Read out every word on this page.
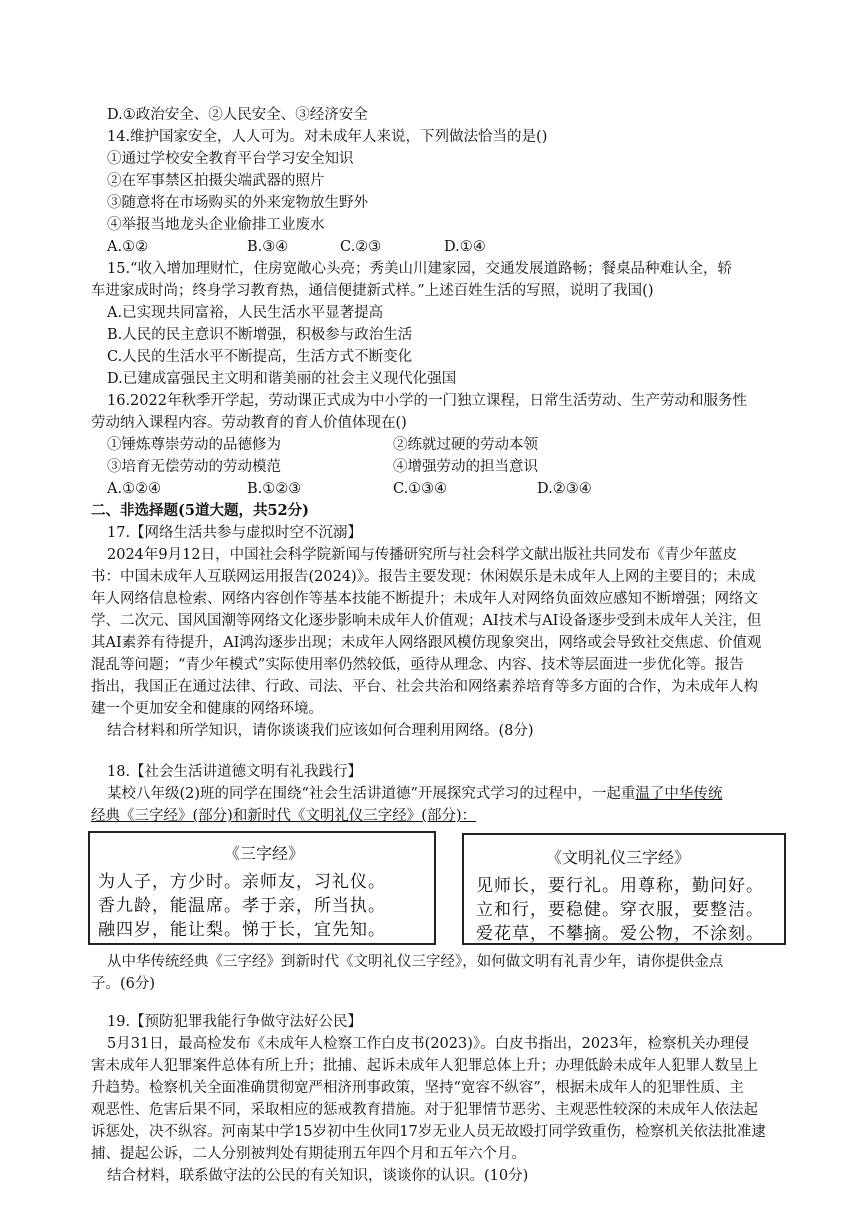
D.①政治安全、②人民安全、③经济安全
14.维护国家安全，人人可为。对未成年人来说，下列做法恰当的是()
①通过学校安全教育平台学习安全知识
②在军事禁区拍摄尖端武器的照片
③随意将在市场购买的外来宠物放生野外
④举报当地龙头企业偷排工业废水
A.①②	B.③④	C.②③	D.①④
15.“收入增加理财忙，住房宽敞心头亮；秀美山川建家园，交通发展道路畅；餐桌品种难认全，轿
车进家成时尚；终身学习教育热，通信便捷新式样。”上述百姓生活的写照，说明了我国()
A.已实现共同富裕，人民生活水平显著提高
B.人民的民主意识不断增强，积极参与政治生活
C.人民的生活水平不断提高，生活方式不断变化
D.已建成富强民主文明和谐美丽的社会主义现代化强国
16.2022年秋季开学起，劳动课正式成为中小学的一门独立课程，日常生活劳动、生产劳动和服务性
劳动纳入课程内容。劳动教育的育人价值体现在()
①锤炼尊崇劳动的品德修为	②练就过硬的劳动本领
③培育无偿劳动的劳动模范	④增强劳动的担当意识
A.①②④	B.①②③	C.①③④	D.②③④
二、非选择题(5道大题，共52分)
17.【网络生活共参与虚拟时空不沉溺】
2024年9月12日，中国社会科学院新闻与传播研究所与社会科学文献出版社共同发布《青少年蓝皮
书：中国未成年人互联网运用报告(2024)》。报告主要发现：休闲娱乐是未成年人上网的主要目的；未成
年人网络信息检索、网络内容创作等基本技能不断提升；未成年人对网络负面效应感知不断增强；网络文
学、二次元、国风国潮等网络文化逐步影响未成年人价值观；AI技术与AI设备逐步受到未成年人关注，但
其AI素养有待提升，AI鸿沟逐步出现；未成年人网络跟风模仿现象突出，网络或会导致社交焦虑、价值观
混乱等问题；“青少年模式”实际使用率仍然较低，亟待从理念、内容、技术等层面进一步优化等。报告
指出，我国正在通过法律、行政、司法、平台、社会共治和网络素养培育等多方面的合作，为未成年人构
建一个更加安全和健康的网络环境。
结合材料和所学知识，请你谈谈我们应该如何合理利用网络。(8分)
18.【社会生活讲道德文明有礼我践行】
某校八年级(2)班的同学在围绕“社会生活讲道德”开展探究式学习的过程中，一起重温了中华传统
经典《三字经》(部分)和新时代《文明礼仪三字经》(部分)：
《三字经》
为人子，方少时。亲师友，习礼仪。
香九龄，能温席。孝于亲，所当执。
融四岁，能让梨。悌于长，宜先知。
《文明礼仪三字经》
见师长，要行礼。用尊称，勤问好。
立和行，要稳健。穿衣服，要整洁。
爱花草，不攀摘。爱公物，不涂刻。
从中华传统经典《三字经》到新时代《文明礼仪三字经》，如何做文明有礼青少年，请你提供金点
子。(6分)
19.【预防犯罪我能行争做守法好公民】
5月31日，最高检发布《未成年人检察工作白皮书(2023)》。白皮书指出，2023年，检察机关办理侵
害未成年人犯罪案件总体有所上升；批捕、起诉未成年人犯罪总体上升；办理低龄未成年人犯罪人数呈上
升趋势。检察机关全面准确贯彻宽严相济刑事政策，坚持“宽容不纵容”，根据未成年人的犯罪性质、主
观恶性、危害后果不同，采取相应的惩戒教育措施。对于犯罪情节恶劣、主观恶性较深的未成年人依法起
诉惩处，决不纵容。河南某中学15岁初中生伙同17岁无业人员无故殴打同学致重伤，检察机关依法批准逮
捕、提起公诉，二人分别被判处有期徒刑五年四个月和五年六个月。
结合材料，联系做守法的公民的有关知识，谈谈你的认识。(10分)
